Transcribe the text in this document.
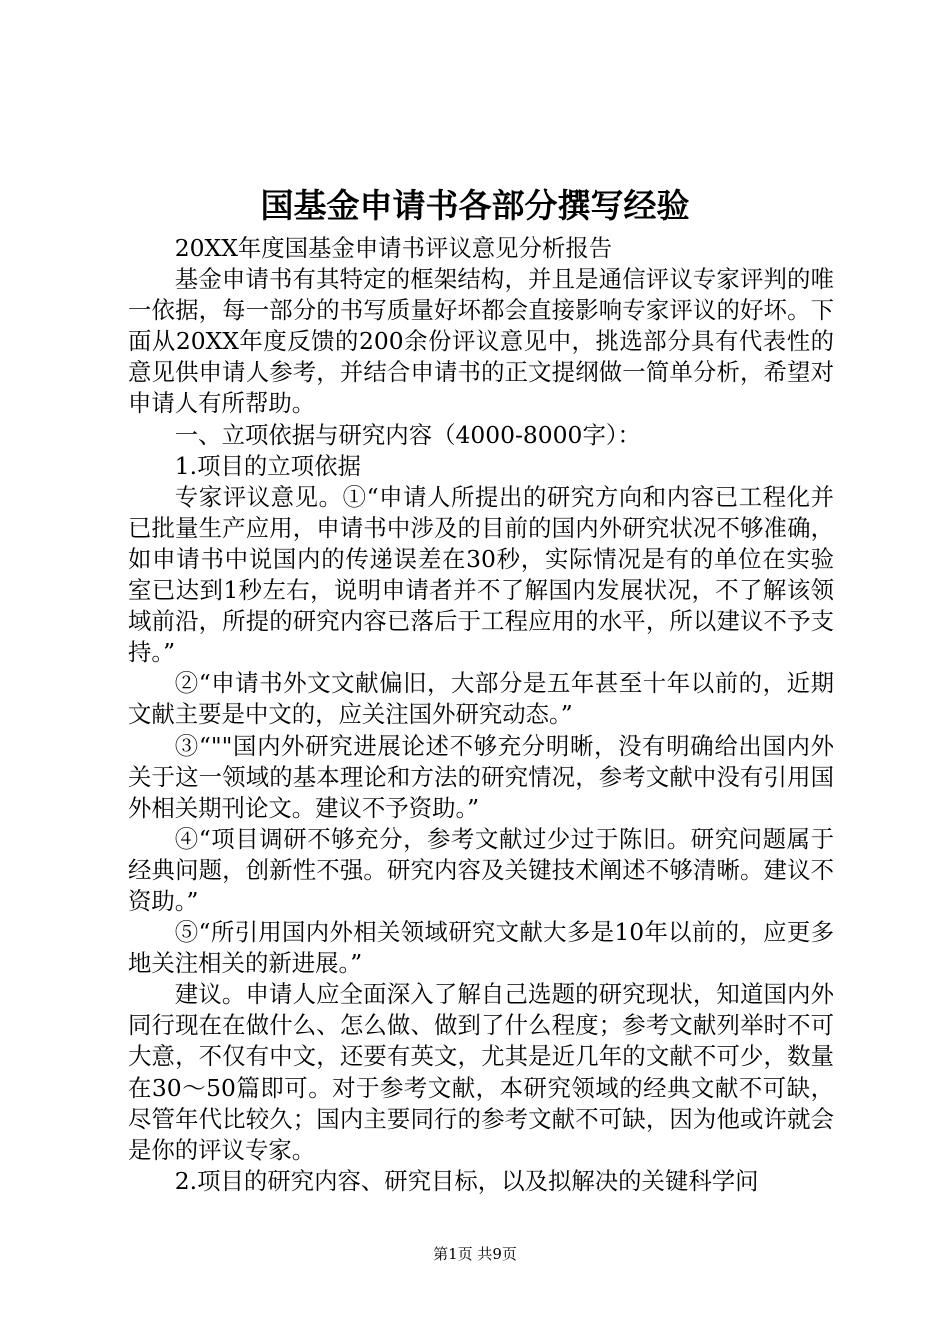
国基金申请书各部分撰写经验

20XX年度国基金申请书评议意见分析报告

基金申请书有其特定的框架结构，并且是通信评议专家评判的唯一依据，每一部分的书写质量好坏都会直接影响专家评议的好坏。下面从20XX年度反馈的200余份评议意见中，挑选部分具有代表性的意见供申请人参考，并结合申请书的正文提纲做一简单分析，希望对申请人有所帮助。

一、立项依据与研究内容（4000-8000字）：

1.项目的立项依据

专家评议意见。①“申请人所提出的研究方向和内容已工程化并已批量生产应用，申请书中涉及的目前的国内外研究状况不够准确，如申请书中说国内的传递误差在30秒，实际情况是有的单位在实验室已达到1秒左右，说明申请者并不了解国内发展状况，不了解该领域前沿，所提的研究内容已落后于工程应用的水平，所以建议不予支持。”

②“申请书外文文献偏旧，大部分是五年甚至十年以前的，近期文献主要是中文的，应关注国外研究动态。”

③“""国内外研究进展论述不够充分明晰，没有明确给出国内外关于这一领域的基本理论和方法的研究情况，参考文献中没有引用国外相关期刊论文。建议不予资助。”

④“项目调研不够充分，参考文献过少过于陈旧。研究问题属于经典问题，创新性不强。研究内容及关键技术阐述不够清晰。建议不资助。”

⑤“所引用国内外相关领域研究文献大多是10年以前的，应更多地关注相关的新进展。”

建议。申请人应全面深入了解自己选题的研究现状，知道国内外同行现在在做什么、怎么做、做到了什么程度；参考文献列举时不可大意，不仅有中文，还要有英文，尤其是近几年的文献不可少，数量在30～50篇即可。对于参考文献，本研究领域的经典文献不可缺，尽管年代比较久；国内主要同行的参考文献不可缺，因为他或许就会是你的评议专家。

2.项目的研究内容、研究目标，以及拟解决的关键科学问

第1页 共9页
